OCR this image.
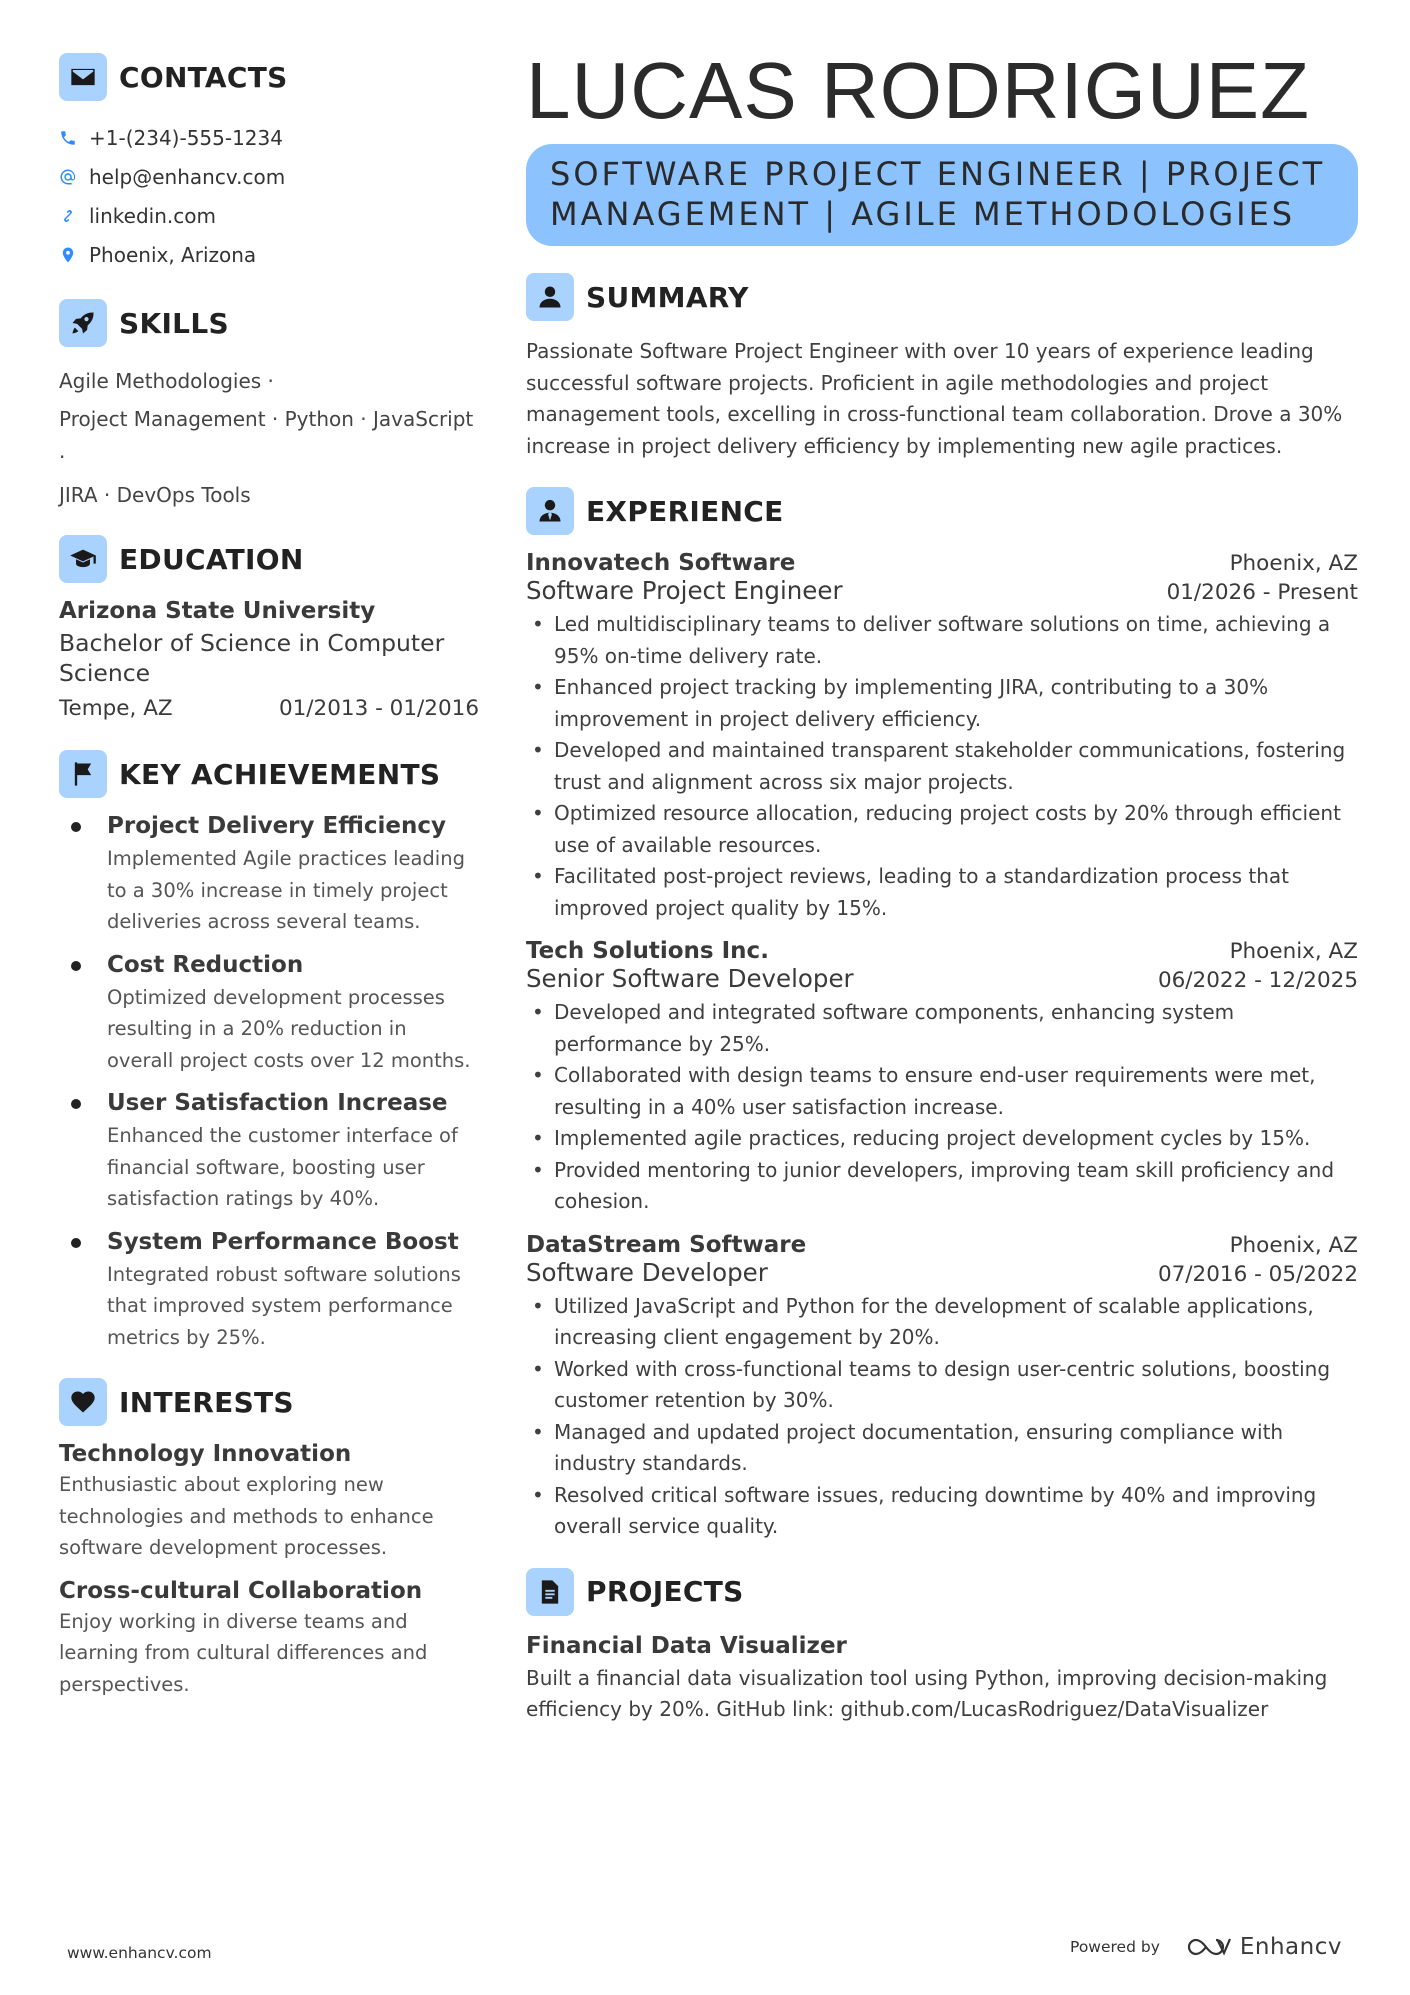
CONTACTS
+1-(234)-555-1234
help@enhancv.com
linkedin.com
Phoenix, Arizona
SKILLS
Agile Methodologies ·
Project Management · Python · JavaScript ·
JIRA · DevOps Tools
EDUCATION
Arizona State University
Bachelor of Science in Computer Science
Tempe, AZ	01/2013 - 01/2016
KEY ACHIEVEMENTS
Project Delivery Efficiency
Implemented Agile practices leading to a 30% increase in timely project deliveries across several teams.
Cost Reduction
Optimized development processes resulting in a 20% reduction in overall project costs over 12 months.
User Satisfaction Increase
Enhanced the customer interface of financial software, boosting user satisfaction ratings by 40%.
System Performance Boost
Integrated robust software solutions that improved system performance metrics by 25%.
INTERESTS
Technology Innovation
Enthusiastic about exploring new technologies and methods to enhance software development processes.
Cross-cultural Collaboration
Enjoy working in diverse teams and learning from cultural differences and perspectives.
LUCAS RODRIGUEZ
SOFTWARE PROJECT ENGINEER | PROJECT MANAGEMENT | AGILE METHODOLOGIES
SUMMARY
Passionate Software Project Engineer with over 10 years of experience leading successful software projects. Proficient in agile methodologies and project management tools, excelling in cross-functional team collaboration. Drove a 30% increase in project delivery efficiency by implementing new agile practices.
EXPERIENCE
Innovatech Software	Phoenix, AZ
Software Project Engineer	01/2026 - Present
• Led multidisciplinary teams to deliver software solutions on time, achieving a 95% on-time delivery rate.
• Enhanced project tracking by implementing JIRA, contributing to a 30% improvement in project delivery efficiency.
• Developed and maintained transparent stakeholder communications, fostering trust and alignment across six major projects.
• Optimized resource allocation, reducing project costs by 20% through efficient use of available resources.
• Facilitated post-project reviews, leading to a standardization process that improved project quality by 15%.
Tech Solutions Inc.	Phoenix, AZ
Senior Software Developer	06/2022 - 12/2025
• Developed and integrated software components, enhancing system performance by 25%.
• Collaborated with design teams to ensure end-user requirements were met, resulting in a 40% user satisfaction increase.
• Implemented agile practices, reducing project development cycles by 15%.
• Provided mentoring to junior developers, improving team skill proficiency and cohesion.
DataStream Software	Phoenix, AZ
Software Developer	07/2016 - 05/2022
• Utilized JavaScript and Python for the development of scalable applications, increasing client engagement by 20%.
• Worked with cross-functional teams to design user-centric solutions, boosting customer retention by 30%.
• Managed and updated project documentation, ensuring compliance with industry standards.
• Resolved critical software issues, reducing downtime by 40% and improving overall service quality.
PROJECTS
Financial Data Visualizer
Built a financial data visualization tool using Python, improving decision-making efficiency by 20%. GitHub link: github.com/LucasRodriguez/DataVisualizer
www.enhancv.com	Powered by	Enhancv
